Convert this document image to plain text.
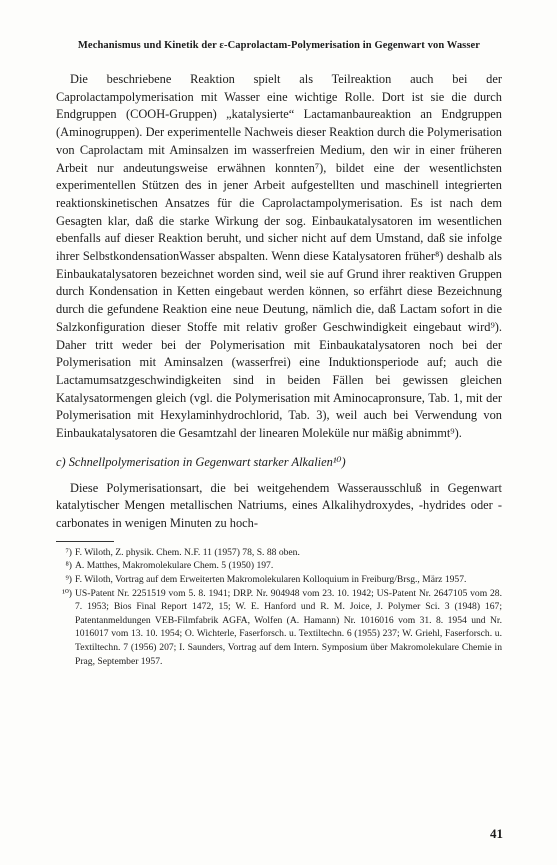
Mechanismus und Kinetik der ε-Caprolactam-Polymerisation in Gegenwart von Wasser

Die beschriebene Reaktion spielt als Teilreaktion auch bei der Caprolactampolymerisation mit Wasser eine wichtige Rolle. Dort ist sie die durch Endgruppen (COOH-Gruppen) „katalysierte“ Lactamanbaureaktion an Endgruppen (Aminogruppen). Der experimentelle Nachweis dieser Reaktion durch die Polymerisation von Caprolactam mit Aminsalzen im wasserfreien Medium, den wir in einer früheren Arbeit nur andeutungsweise erwähnen konnten⁷), bildet eine der wesentlichsten experimentellen Stützen des in jener Arbeit aufgestellten und maschinell integrierten reaktionskinetischen Ansatzes für die Caprolactampolymerisation. Es ist nach dem Gesagten klar, daß die starke Wirkung der sog. Einbaukatalysatoren im wesentlichen ebenfalls auf dieser Reaktion beruht, und sicher nicht auf dem Umstand, daß sie infolge ihrer SelbstkondensationWasser abspalten. Wenn diese Katalysatoren früher⁸) deshalb als Einbaukatalysatoren bezeichnet worden sind, weil sie auf Grund ihrer reaktiven Gruppen durch Kondensation in Ketten eingebaut werden können, so erfährt diese Bezeichnung durch die gefundene Reaktion eine neue Deutung, nämlich die, daß Lactam sofort in die Salzkonfiguration dieser Stoffe mit relativ großer Geschwindigkeit eingebaut wird⁹). Daher tritt weder bei der Polymerisation mit Einbaukatalysatoren noch bei der Polymerisation mit Aminsalzen (wasserfrei) eine Induktionsperiode auf; auch die Lactamumsatzgeschwindigkeiten sind in beiden Fällen bei gewissen gleichen Katalysatormengen gleich (vgl. die Polymerisation mit Aminocapronsure, Tab. 1, mit der Polymerisation mit Hexylaminhydrochlorid, Tab. 3), weil auch bei Verwendung von Einbaukatalysatoren die Gesamtzahl der linearen Moleküle nur mäßig abnimmt⁹).

c) Schnellpolymerisation in Gegenwart starker Alkalien¹⁰)

Diese Polymerisationsart, die bei weitgehendem Wasserausschluß in Gegenwart katalytischer Mengen metallischen Natriums, eines Alkalihydroxydes, -hydrides oder -carbonates in wenigen Minuten zu hoch-

⁷) F. Wiloth, Z. physik. Chem. N.F. 11 (1957) 78, S. 88 oben.
⁸) A. Matthes, Makromolekulare Chem. 5 (1950) 197.
⁹) F. Wiloth, Vortrag auf dem Erweiterten Makromolekularen Kolloquium in Freiburg/Brsg., März 1957.
¹⁰) US-Patent Nr. 2251519 vom 5. 8. 1941; DRP. Nr. 904948 vom 23. 10. 1942; US-Patent Nr. 2647105 vom 28. 7. 1953; Bios Final Report 1472, 15; W. E. Hanford und R. M. Joice, J. Polymer Sci. 3 (1948) 167; Patentanmeldungen VEB-Filmfabrik AGFA, Wolfen (A. Hamann) Nr. 1016016 vom 31. 8. 1954 und Nr. 1016017 vom 13. 10. 1954; O. Wichterle, Faserforsch. u. Textiltechn. 6 (1955) 237; W. Griehl, Faserforsch. u. Textiltechn. 7 (1956) 207; I. Saunders, Vortrag auf dem Intern. Symposium über Makromolekulare Chemie in Prag, September 1957.
41
